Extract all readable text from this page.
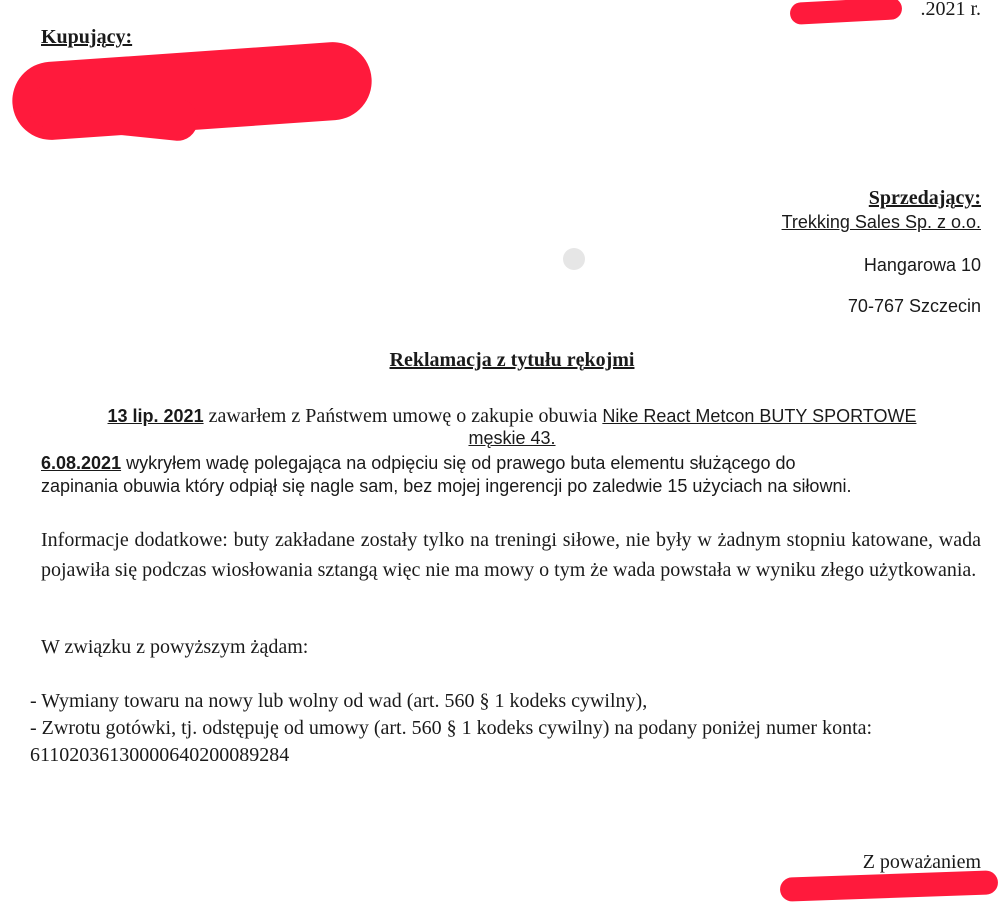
.2021 r.
Kupujący:
Sprzedający:
Trekking Sales Sp. z o.o.
Hangarowa 10
70-767 Szczecin
Reklamacja z tytułu rękojmi
13 lip. 2021 zawarłem z Państwem umowę o zakupie obuwia Nike React Metcon BUTY SPORTOWE
męskie 43.
6.08.2021 wykryłem wadę polegająca na odpięciu się od prawego buta elementu służącego do
zapinania obuwia który odpiął się nagle sam, bez mojej ingerencji po zaledwie 15 użyciach na siłowni.
Informacje dodatkowe: buty zakładane zostały tylko na treningi siłowe, nie były w żadnym stopniu katowane, wada pojawiła się podczas wiosłowania sztangą więc nie ma mowy o tym że wada powstała w wyniku złego użytkowania.
W związku z powyższym żądam:
- Wymiany towaru na nowy lub wolny od wad (art. 560 § 1 kodeks cywilny),
- Zwrotu gotówki, tj. odstępuję od umowy (art. 560 § 1 kodeks cywilny) na podany poniżej numer konta:
61102036130000640200089284
Z poważaniem
